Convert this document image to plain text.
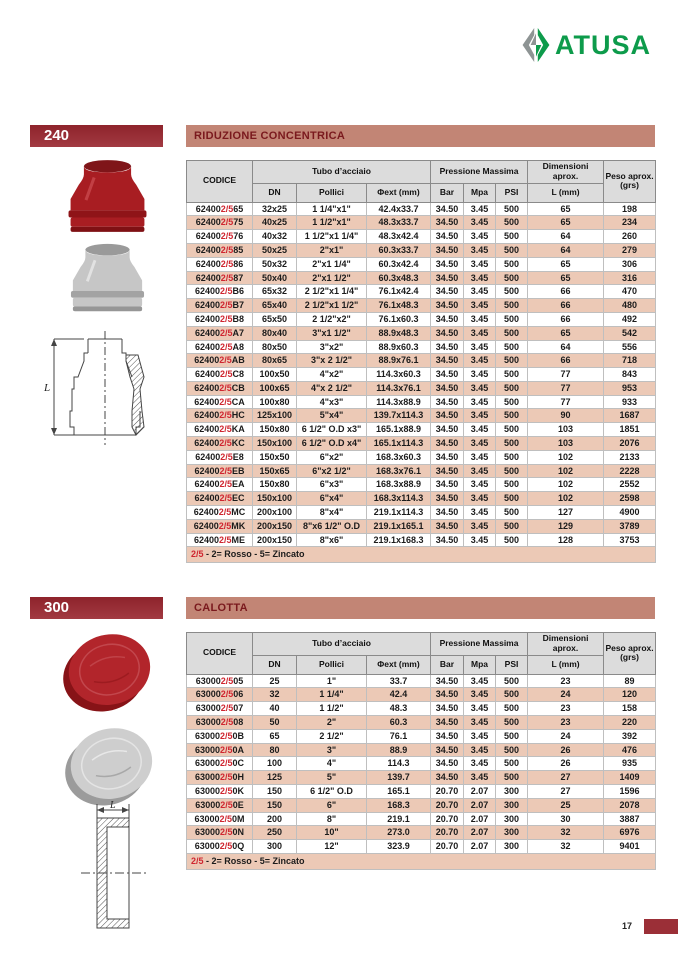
ATUSA
240	RIDUZIONE CONCENTRICA
L
CODICE	Tubo d’acciaio			Pressione Massima			Dimensioni aprox.	Peso aprox. (grs)
	DN	Pollici	Φext (mm)	Bar	Mpa	PSI	L (mm)	
624002/565	32x25	1 1/4"x1"	42.4x33.7	34.50	3.45	500	65	198
624002/575	40x25	1 1/2"x1"	48.3x33.7	34.50	3.45	500	65	234
624002/576	40x32	1 1/2"x1 1/4"	48.3x42.4	34.50	3.45	500	64	260
624002/585	50x25	2"x1"	60.3x33.7	34.50	3.45	500	64	279
624002/586	50x32	2"x1 1/4"	60.3x42.4	34.50	3.45	500	65	306
624002/587	50x40	2"x1 1/2"	60.3x48.3	34.50	3.45	500	65	316
624002/5B6	65x32	2 1/2"x1 1/4"	76.1x42.4	34.50	3.45	500	66	470
624002/5B7	65x40	2 1/2"x1 1/2"	76.1x48.3	34.50	3.45	500	66	480
624002/5B8	65x50	2 1/2"x2"	76.1x60.3	34.50	3.45	500	66	492
624002/5A7	80x40	3"x1 1/2"	88.9x48.3	34.50	3.45	500	65	542
624002/5A8	80x50	3"x2"	88.9x60.3	34.50	3.45	500	64	556
624002/5AB	80x65	3"x 2 1/2"	88.9x76.1	34.50	3.45	500	66	718
624002/5C8	100x50	4"x2"	114.3x60.3	34.50	3.45	500	77	843
624002/5CB	100x65	4"x 2 1/2"	114.3x76.1	34.50	3.45	500	77	953
624002/5CA	100x80	4"x3"	114.3x88.9	34.50	3.45	500	77	933
624002/5HC	125x100	5"x4"	139.7x114.3	34.50	3.45	500	90	1687
624002/5KA	150x80	6 1/2" O.D x3"	165.1x88.9	34.50	3.45	500	103	1851
624002/5KC	150x100	6 1/2" O.D x4"	165.1x114.3	34.50	3.45	500	103	2076
624002/5E8	150x50	6"x2"	168.3x60.3	34.50	3.45	500	102	2133
624002/5EB	150x65	6"x2 1/2"	168.3x76.1	34.50	3.45	500	102	2228
624002/5EA	150x80	6"x3"	168.3x88.9	34.50	3.45	500	102	2552
624002/5EC	150x100	6"x4"	168.3x114.3	34.50	3.45	500	102	2598
624002/5MC	200x100	8"x4"	219.1x114.3	34.50	3.45	500	127	4900
624002/5MK	200x150	8"x6 1/2" O.D	219.1x165.1	34.50	3.45	500	129	3789
624002/5ME	200x150	8"x6"	219.1x168.3	34.50	3.45	500	128	3753
2/5 - 2= Rosso - 5= Zincato								
300	CALOTTA
L
CODICE	Tubo d’acciaio			Pressione Massima			Dimensioni aprox.	Peso aprox. (grs)
	DN	Pollici	Φext (mm)	Bar	Mpa	PSI	L (mm)	
630002/505	25	1"	33.7	34.50	3.45	500	23	89
630002/506	32	1 1/4"	42.4	34.50	3.45	500	24	120
630002/507	40	1 1/2"	48.3	34.50	3.45	500	23	158
630002/508	50	2"	60.3	34.50	3.45	500	23	220
630002/50B	65	2 1/2"	76.1	34.50	3.45	500	24	392
630002/50A	80	3"	88.9	34.50	3.45	500	26	476
630002/50C	100	4"	114.3	34.50	3.45	500	26	935
630002/50H	125	5"	139.7	34.50	3.45	500	27	1409
630002/50K	150	6 1/2" O.D	165.1	20.70	2.07	300	27	1596
630002/50E	150	6"	168.3	20.70	2.07	300	25	2078
630002/50M	200	8"	219.1	20.70	2.07	300	30	3887
630002/50N	250	10"	273.0	20.70	2.07	300	32	6976
630002/50Q	300	12"	323.9	20.70	2.07	300	32	9401
2/5 - 2= Rosso - 5= Zincato								
17
